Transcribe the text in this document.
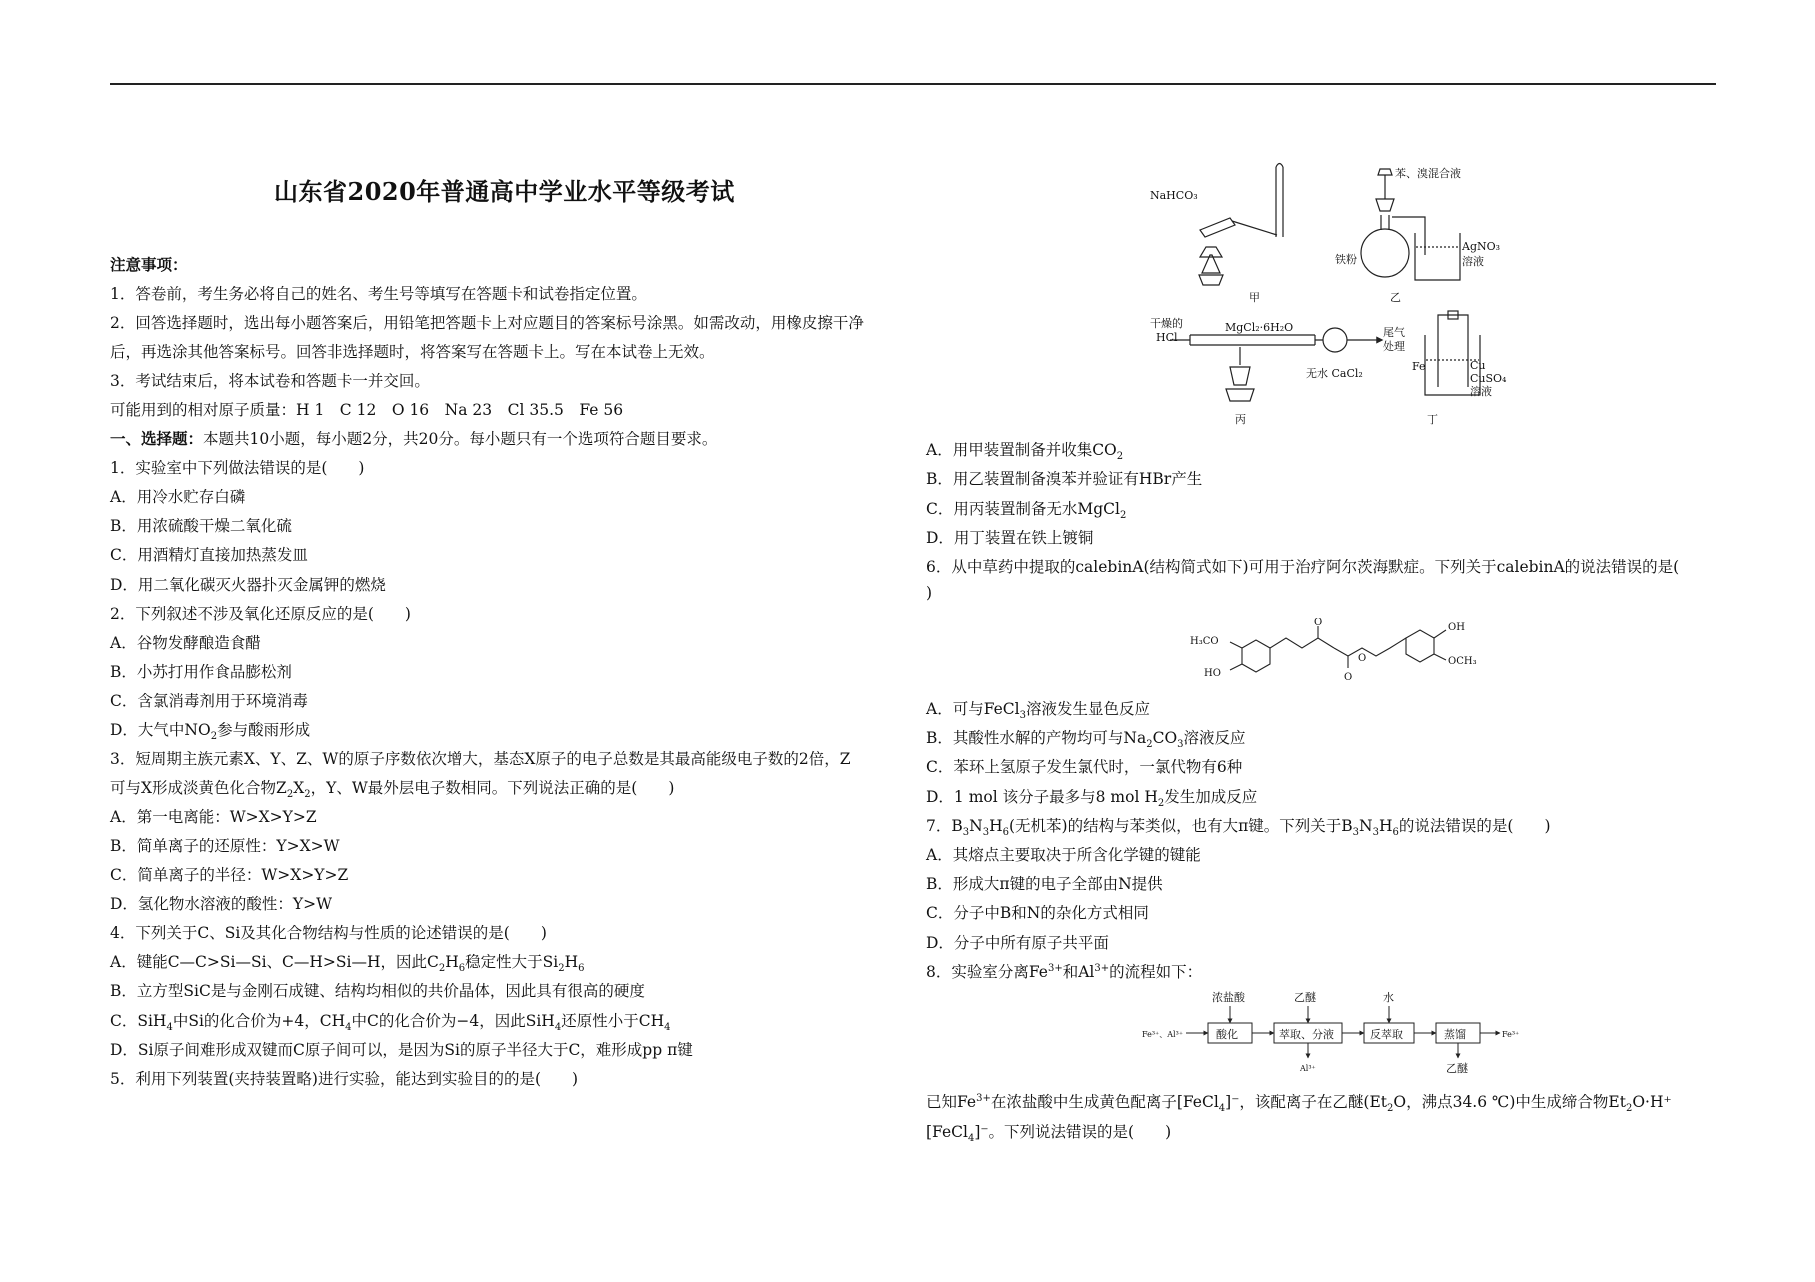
山东省2020年普通高中学业水平等级考试
注意事项：
1．答卷前，考生务必将自己的姓名、考生号等填写在答题卡和试卷指定位置。
2．回答选择题时，选出每小题答案后，用铅笔把答题卡上对应题目的答案标号涂黑。如需改动，用橡皮擦干净
后，再选涂其他答案标号。回答非选择题时，将答案写在答题卡上。写在本试卷上无效。
3．考试结束后，将本试卷和答题卡一并交回。
可能用到的相对原子质量：H 1　C 12　O 16　Na 23　Cl 35.5　Fe 56
一、选择题：本题共10小题，每小题2分，共20分。每小题只有一个选项符合题目要求。
1．实验室中下列做法错误的是(　　)
A．用冷水贮存白磷
B．用浓硫酸干燥二氧化硫
C．用酒精灯直接加热蒸发皿
D．用二氧化碳灭火器扑灭金属钾的燃烧
2．下列叙述不涉及氧化还原反应的是(　　)
A．谷物发酵酿造食醋
B．小苏打用作食品膨松剂
C．含氯消毒剂用于环境消毒
D．大气中$NO_2$参与酸雨形成
3．短周期主族元素X、Y、Z、W的原子序数依次增大，基态X原子的电子总数是其最高能级电子数的2倍，Z
可与X形成淡黄色化合物$Z_2X_2$，Y、W最外层电子数相同。下列说法正确的是(　　)
A．第一电离能：W>X>Y>Z
B．简单离子的还原性：Y>X>W
C．简单离子的半径：W>X>Y>Z
D．氢化物水溶液的酸性：Y>W
4．下列关于C、Si及其化合物结构与性质的论述错误的是(　　)
A．键能C—C>Si—Si、C—H>Si—H，因此$C_2H_6$稳定性大于$Si_2H_6$
B．立方型SiC是与金刚石成键、结构均相似的共价晶体，因此具有很高的硬度
C．SiH$_4$中Si的化合价为+4，$CH_4$中C的化合价为−4，因此SiH$_4$还原性小于$CH_4$
D．Si原子间难形成双键而C原子间可以，是因为Si的原子半径大于C，难形成pp π键
5．利用下列装置(夹持装置略)进行实验，能达到实验目的的是(　　)
NaHCO₃
甲
苯、溴混合液
铁粉
AgNO₃
溶液
乙
干燥的
HCl
MgCl₂·6H₂O
无水 CaCl₂
尾气
处理
丙
Fe	Cu
CuSO₄
溶液
丁
A．用甲装置制备并收集$CO_2$
B．用乙装置制备溴苯并验证有HBr产生
C．用丙装置制备无水MgCl$_2$
D．用丁装置在铁上镀铜
6．从中草药中提取的calebinA(结构简式如下)可用于治疗阿尔茨海默症。下列关于calebinA的说法错误的是(
)
H₃CO
HO
OH
OCH₃
O
O
O
A．可与FeCl$_3$溶液发生显色反应
B．其酸性水解的产物均可与$Na_2CO_3$溶液反应
C．苯环上氢原子发生氯代时，一氯代物有6种
D．1 mol 该分子最多与8 mol $H_2$发生加成反应
7．$B_3N_3H_6$(无机苯)的结构与苯类似，也有大π键。下列关于$B_3N_3H_6$的说法错误的是(　　)
A．其熔点主要取决于所含化学键的键能
B．形成大π键的电子全部由N提供
C．分子中B和N的杂化方式相同
D．分子中所有原子共平面
8．实验室分离$Fe^{3+}$和$Al^{3+}$的流程如下：
Fe³⁺、Al³⁺
浓盐酸	乙醚	水
酸化	萃取、分液	反萃取	蒸馏	Fe³⁺
Al³⁺	乙醚
已知$Fe^{3+}$在浓盐酸中生成黄色配离子[FeCl$_4$]⁻，该配离子在乙醚($Et_2O$，沸点34.6 ℃)中生成缔合物$Et_2O\cdot H^+$
[FeCl$_4$]⁻。下列说法错误的是(　　)
